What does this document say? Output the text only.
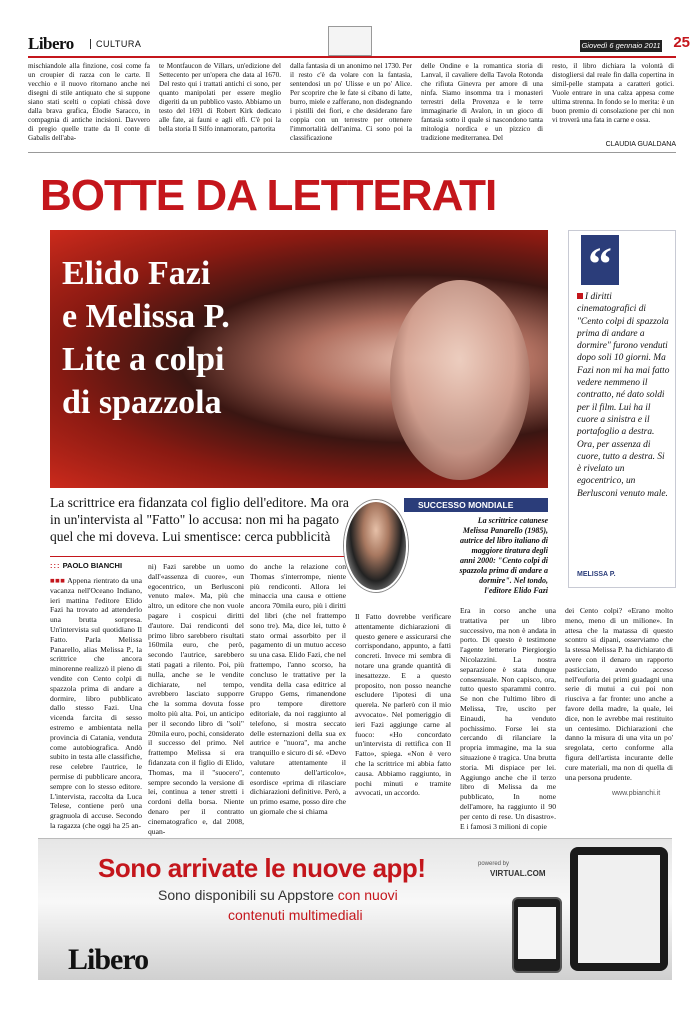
Libero	CULTURA	Giovedì 6 gennaio 2011 25

mischiandole alla finzione, così come fa un croupier di razza con le carte. Il vecchio e il nuovo ritornano anche nei disegni di stile antiquato che si suppone siano stati scelti o copiati chissà dove dalla brava grafica, Élodie Saracco, in compagnia di antiche incisioni. Davvero di pregio quelle tratte da Il conte di Gabalis dell'aba-

te Montfaucon de Villars, un'edizione del Settecento per un'opera che data al 1670. Del resto qui i trattati antichi ci sono, per quanto manipolati per essere meglio digeriti da un pubblico vasto. Abbiamo un testo del 1691 di Robert Kirk dedicato alle fate, ai fauni e agli elfi. C'è poi la bella storia Il Silfo innamorato, partorita

dalla fantasia di un anonimo nel 1730. Per il resto c'è da volare con la fantasia, sentendosi un po' Ulisse e un po' Alice. Per scoprire che le fate si cibano di latte, burro, miele e zafferano, non disdegnando i pistilli dei fiori, e che desiderano fare coppia con un terrestre per ottenere l'immortalità dell'anima. Ci sono poi la classificazione

delle Ondine e la romantica storia di Lanval, il cavaliere della Tavola Rotonda che rifiuta Ginevra per amore di una ninfa. Siamo insomma tra i monasteri terrestri della Provenza e le terre immaginarie di Avalon, in un gioco di fantasia sotto il quale si nascondono tanta mitologia nordica e un pizzico di tradizione mediterranea. Del

resto, il libro dichiara la volontà di distogliersi dal reale fin dalla copertina in simil-pelle stampata a caratteri gotici. Vuole entrare in una calza appesa come ultima strenna. In fondo se lo merita: è un buon premio di consolazione per chi non vi troverà una fata in carne e ossa.

CLAUDIA GUALDANA
BOTTE DA LETTERATI
Elido Fazi
e Melissa P.
Lite a colpi
di spazzola
“

I diritti cinematografici di "Cento colpi di spazzola prima di andare a dormire" furono venduti dopo soli 10 giorni. Ma Fazi non mi ha mai fatto vedere nemmeno il contratto, né dato soldi per il film. Lui ha il cuore a sinistra e il portafoglio a destra. Ora, per assenza di cuore, tutto a destra. Si è rivelato un egocentrico, un Berlusconi venuto male.

MELISSA P.

La scrittrice era fidanzata col figlio dell'editore. Ma ora in un'intervista al "Fatto" lo accusa: non mi ha pagato quel che mi doveva. Lui smentisce: cerca pubblicità

SUCCESSO MONDIALE

La scrittrice catanese Melissa Panarello (1985), autrice del libro italiano di maggiore tiratura degli anni 2000: "Cento colpi di spazzola prima di andare a dormire". Nel tondo, l'editore Elido Fazi

::: PAOLO BIANCHI

■■■ Appena rientrato da una vacanza nell'Oceano Indiano, ieri mattina l'editore Elido Fazi ha trovato ad attenderlo una brutta sorpresa. Un'intervista sul quotidiano Il Fatto. Parla Melissa Panarello, alias Melissa P., la scrittrice che ancora minorenne realizzò il pieno di vendite con Cento colpi di spazzola prima di andare a dormire, libro pubblicato dallo stesso Fazi. Una vicenda farcita di sesso estremo e ambientata nella provincia di Catania, venduta come autobiografica. Andò subito in testa alle classifiche, rese celebre l'autrice, le permise di pubblicare ancora, sempre con lo stesso editore. L'intervista, raccolta da Luca Telese, contiene però una gragnuola di accuse. Secondo la ragazza (che oggi ha 25 an-

ni) Fazi sarebbe un uomo dall'«assenza di cuore», «un egocentrico, un Berlusconi venuto male». Ma, più che altro, un editore che non vuole pagare i cospicui diritti d'autore. Dai rendiconti del primo libro sarebbero risultati 160mila euro, che però, secondo l'autrice, sarebbero stati pagati a rilento. Poi, più nulla, anche se le vendite dichiarate, nel tempo, avrebbero lasciato supporre che la somma dovuta fosse molto più alta. Poi, un anticipo per il secondo libro di "soli" 20mila euro, pochi, considerato il successo del primo. Nel frattempo Melissa si era fidanzata con il figlio di Elido, Thomas, ma il "suocero", sempre secondo la versione di lei, continua a tener stretti i cordoni della borsa. Niente denaro per il contratto cinematografico e, dal 2008, quan-

do anche la relazione con Thomas s'interrompe, niente più rendiconti. Allora lei minaccia una causa e ottiene ancora 70mila euro, più i diritti del libri (che nel frattempo sono tre). Ma, dice lei, tutto è stato ormai assorbito per il pagamento di un mutuo acceso su una casa. Elido Fazi, che nel frattempo, l'anno scorso, ha concluso le trattative per la vendita della casa editrice al Gruppo Gems, rimanendone pro tempore direttore editoriale, da noi raggiunto al telefono, si mostra seccato delle esternazioni della sua ex autrice e "nuora", ma anche tranquillo e sicuro di sé. «Devo valutare attentamente il contenuto dell'articolo», esordisce «prima di rilasciare dichiarazioni definitive. Però, a un primo esame, posso dire che un giornale che si chiama

Il Fatto dovrebbe verificare attentamente dichiarazioni di questo genere e assicurarsi che corrispondano, appunto, a fatti concreti. Invece mi sembra di notare una grande quantità di inesattezze. E a questo proposito, non posso neanche escludere l'ipotesi di una querela. Ne parlerò con il mio avvocato». Nel pomeriggio di ieri Fazi aggiunge carne al fuoco: «Ho concordato un'intervista di rettifica con Il Fatto», spiega. «Non è vero che la scrittrice mi abbia fatto causa. Abbiamo raggiunto, in pochi minuti e tramite avvocati, un accordo.

Era in corso anche una trattativa per un libro successivo, ma non è andata in porto. Di questo è testimone l'agente letterario Piergiorgio Nicolazzini. La nostra separazione è stata dunque consensuale. Non capisco, ora, tutto questo sparammi contro. Se non che l'ultimo libro di Melissa, Tre, uscito per Einaudi, ha venduto pochissimo. Forse lei sta cercando di rilanciare la propria immagine, ma la sua situazione è tragica. Una brutta storia. Mi dispiace per lei. Aggiungo anche che il terzo libro di Melissa da me pubblicato, In nome dell'amore, ha raggiunto il 90 per cento di rese. Un disastro». E i famosi 3 milioni di copie

dei Cento colpi? «Erano molto meno, meno di un milione». In attesa che la matassa di questo scontro si dipani, osserviamo che la stessa Melissa P. ha dichiarato di avere con il denaro un rapporto pasticciato, avendo acceso nell'euforia dei primi guadagni una serie di mutui a cui poi non riusciva a far fronte: uno anche a favore della madre, la quale, lei dice, non le avrebbe mai restituito un centesimo. Dichiarazioni che danno la misura di una vita un po' sregolata, certo conforme alla figura dell'artista incurante delle cure materiali, ma non di quella di una persona prudente.

www.pbianchi.it
Sono arrivate le nuove app!
Sono disponibili su Appstore con nuovi
contenuti multimediali
Libero
powered by
VIRTUAL.COM
